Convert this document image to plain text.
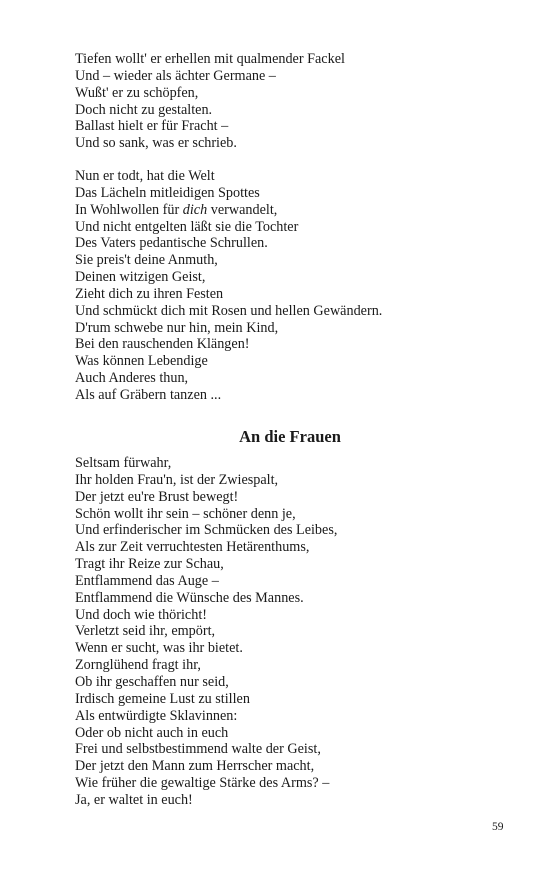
Tiefen wollt' er erhellen mit qualmender Fackel
Und – wieder als ächter Germane –
Wußt' er zu schöpfen,
Doch nicht zu gestalten.
Ballast hielt er für Fracht –
Und so sank, was er schrieb.
Nun er todt, hat die Welt
Das Lächeln mitleidigen Spottes
In Wohlwollen für dich verwandelt,
Und nicht entgelten läßt sie die Tochter
Des Vaters pedantische Schrullen.
Sie preis't deine Anmuth,
Deinen witzigen Geist,
Zieht dich zu ihren Festen
Und schmückt dich mit Rosen und hellen Gewändern.
D'rum schwebe nur hin, mein Kind,
Bei den rauschenden Klängen!
Was können Lebendige
Auch Anderes thun,
Als auf Gräbern tanzen ...
An die Frauen
Seltsam fürwahr,
Ihr holden Frau'n, ist der Zwiespalt,
Der jetzt eu're Brust bewegt!
Schön wollt ihr sein – schöner denn je,
Und erfinderischer im Schmücken des Leibes,
Als zur Zeit verruchtesten Hetärenthums,
Tragt ihr Reize zur Schau,
Entflammend das Auge –
Entflammend die Wünsche des Mannes.
Und doch wie thöricht!
Verletzt seid ihr, empört,
Wenn er sucht, was ihr bietet.
Zornglühend fragt ihr,
Ob ihr geschaffen nur seid,
Irdisch gemeine Lust zu stillen
Als entwürdigte Sklavinnen:
Oder ob nicht auch in euch
Frei und selbstbestimmend walte der Geist,
Der jetzt den Mann zum Herrscher macht,
Wie früher die gewaltige Stärke des Arms? –
Ja, er waltet in euch!
59
